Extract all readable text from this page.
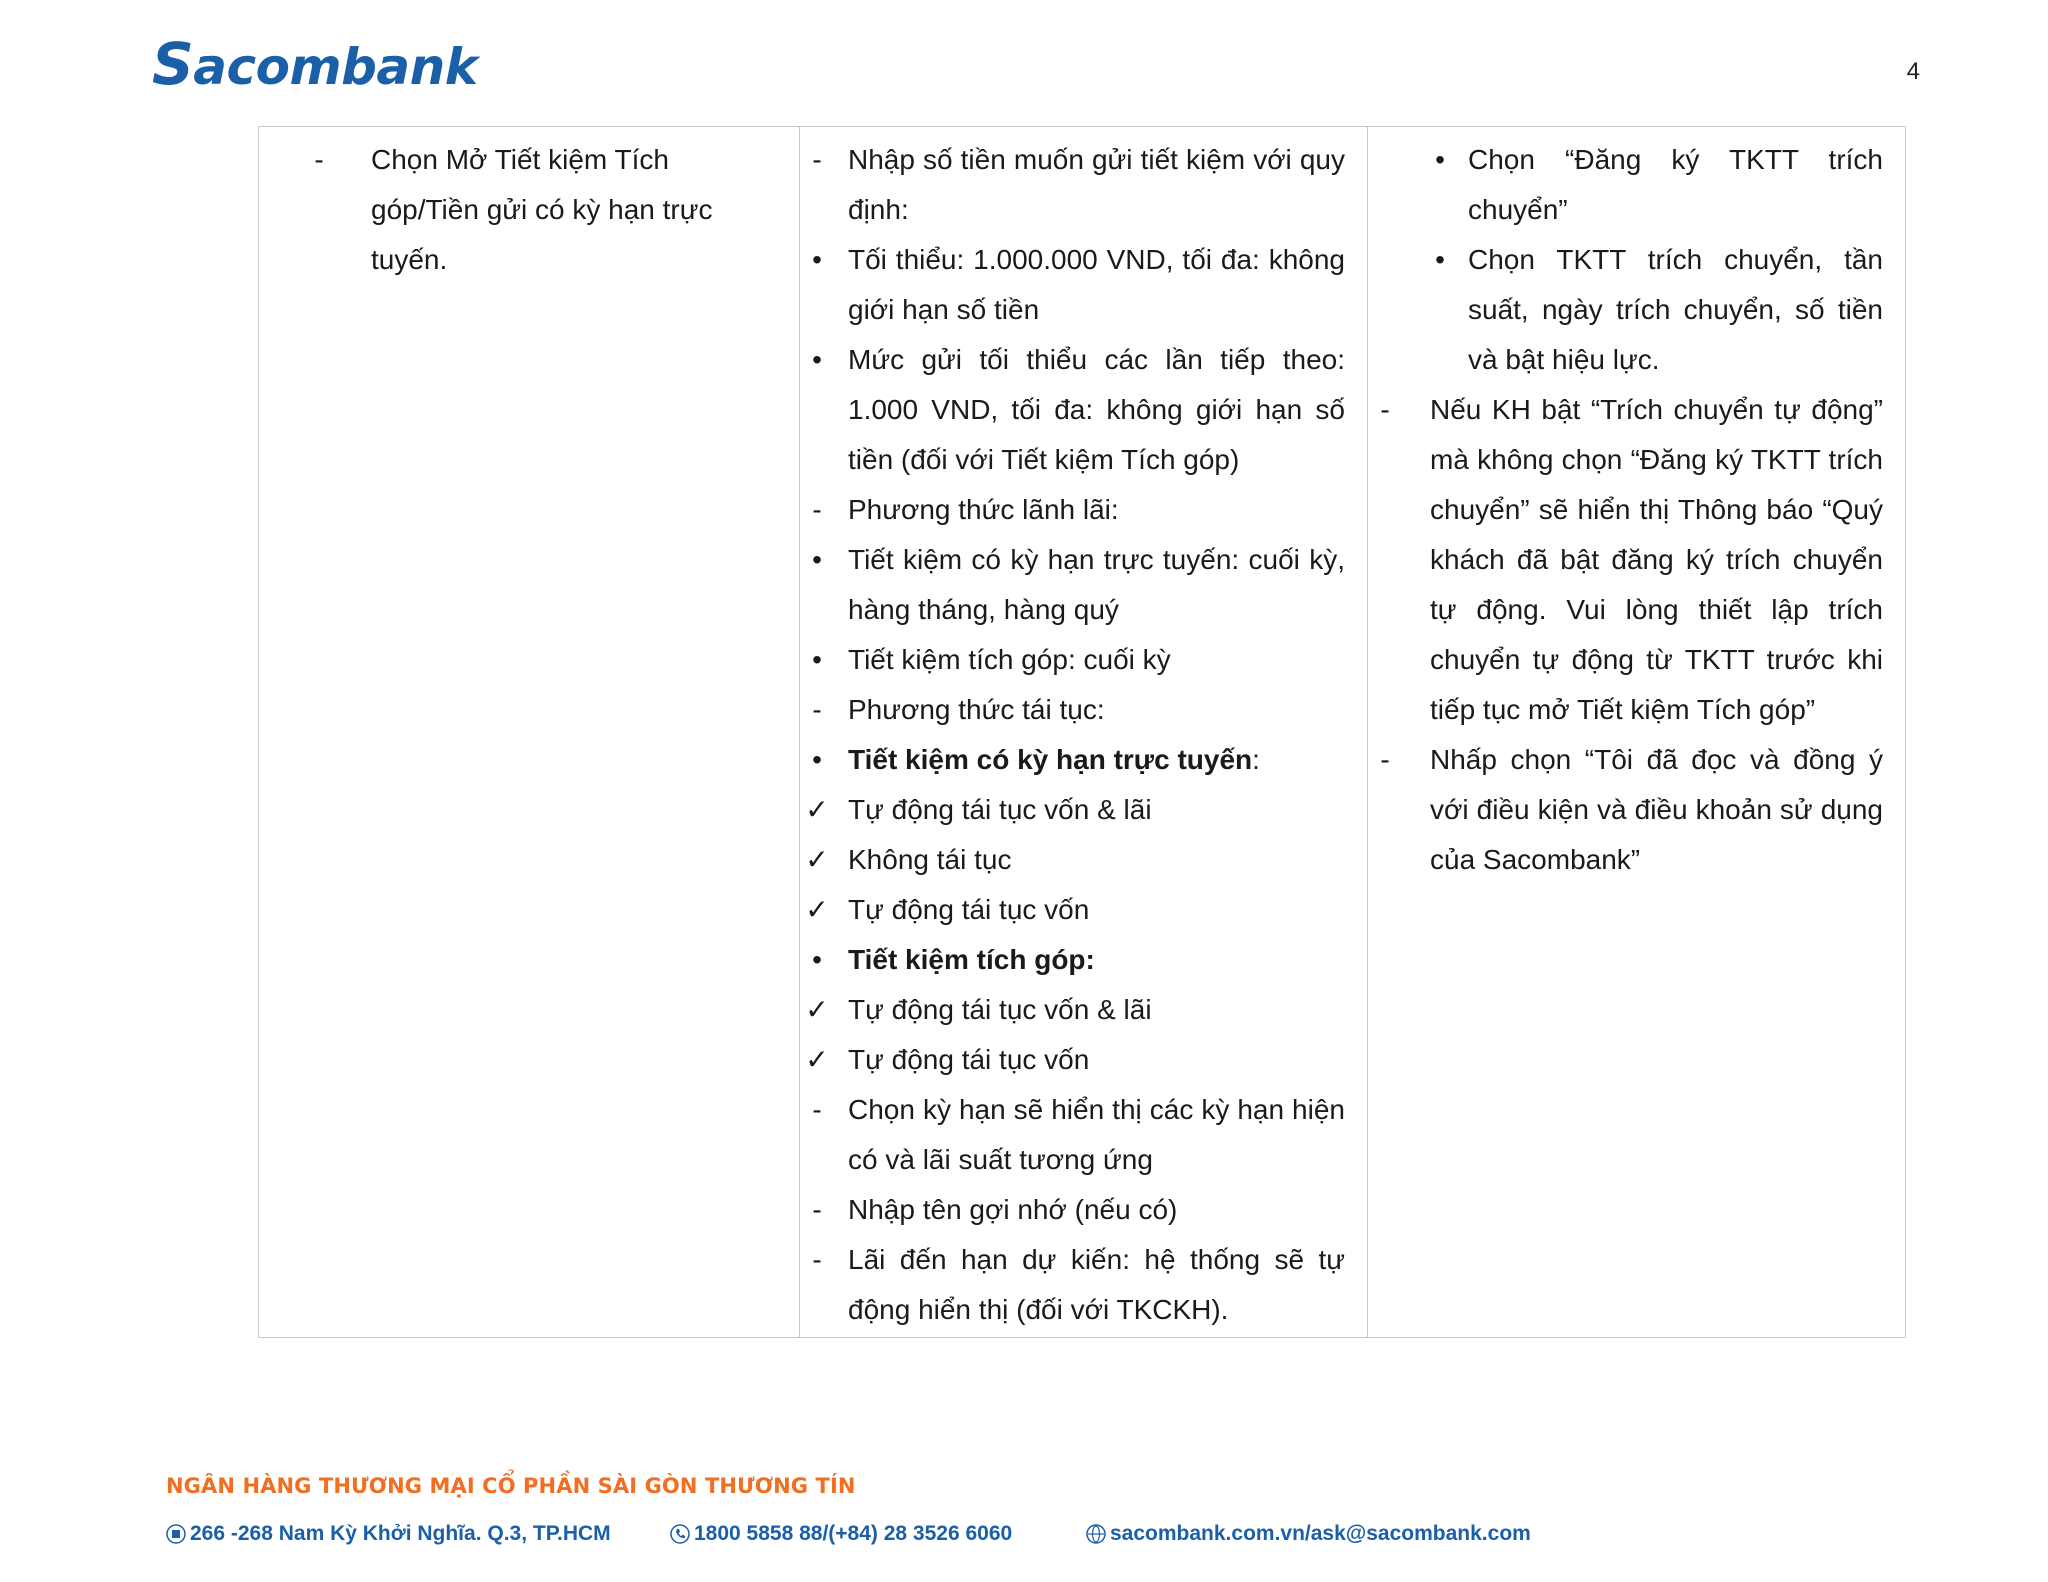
Sacombank	4
- Chọn Mở Tiết kiệm Tích góp/Tiền gửi có kỳ hạn trực tuyến.

- Nhập số tiền muốn gửi tiết kiệm với quy định:
• Tối thiểu: 1.000.000 VND, tối đa: không giới hạn số tiền
• Mức gửi tối thiểu các lần tiếp theo: 1.000 VND, tối đa: không giới hạn số tiền (đối với Tiết kiệm Tích góp)
- Phương thức lãnh lãi:
• Tiết kiệm có kỳ hạn trực tuyến: cuối kỳ, hàng tháng, hàng quý
• Tiết kiệm tích góp: cuối kỳ
- Phương thức tái tục:
• Tiết kiệm có kỳ hạn trực tuyến:
✓ Tự động tái tục vốn & lãi
✓ Không tái tục
✓ Tự động tái tục vốn
• Tiết kiệm tích góp:
✓ Tự động tái tục vốn & lãi
✓ Tự động tái tục vốn
- Chọn kỳ hạn sẽ hiển thị các kỳ hạn hiện có và lãi suất tương ứng
- Nhập tên gợi nhớ (nếu có)
- Lãi đến hạn dự kiến: hệ thống sẽ tự động hiển thị (đối với TKCKH).

• Chọn “Đăng ký TKTT trích chuyển”
• Chọn TKTT trích chuyển, tần suất, ngày trích chuyển, số tiền và bật hiệu lực.
-	Nếu KH bật “Trích chuyển tự động” mà không chọn “Đăng ký TKTT trích chuyển” sẽ hiển thị Thông báo “Quý khách đã bật đăng ký trích chuyển tự động. Vui lòng thiết lập trích chuyển tự động từ TKTT trước khi tiếp tục mở Tiết kiệm Tích góp”
-	Nhấp chọn “Tôi đã đọc và đồng ý với điều kiện và điều khoản sử dụng của Sacombank”
NGÂN HÀNG THƯƠNG MẠI CỔ PHẦN SÀI GÒN THƯƠNG TÍN
266 -268 Nam Kỳ Khởi Nghĩa. Q.3, TP.HCM	1800 5858 88/(+84) 28 3526 6060	sacombank.com.vn/ask@sacombank.com
